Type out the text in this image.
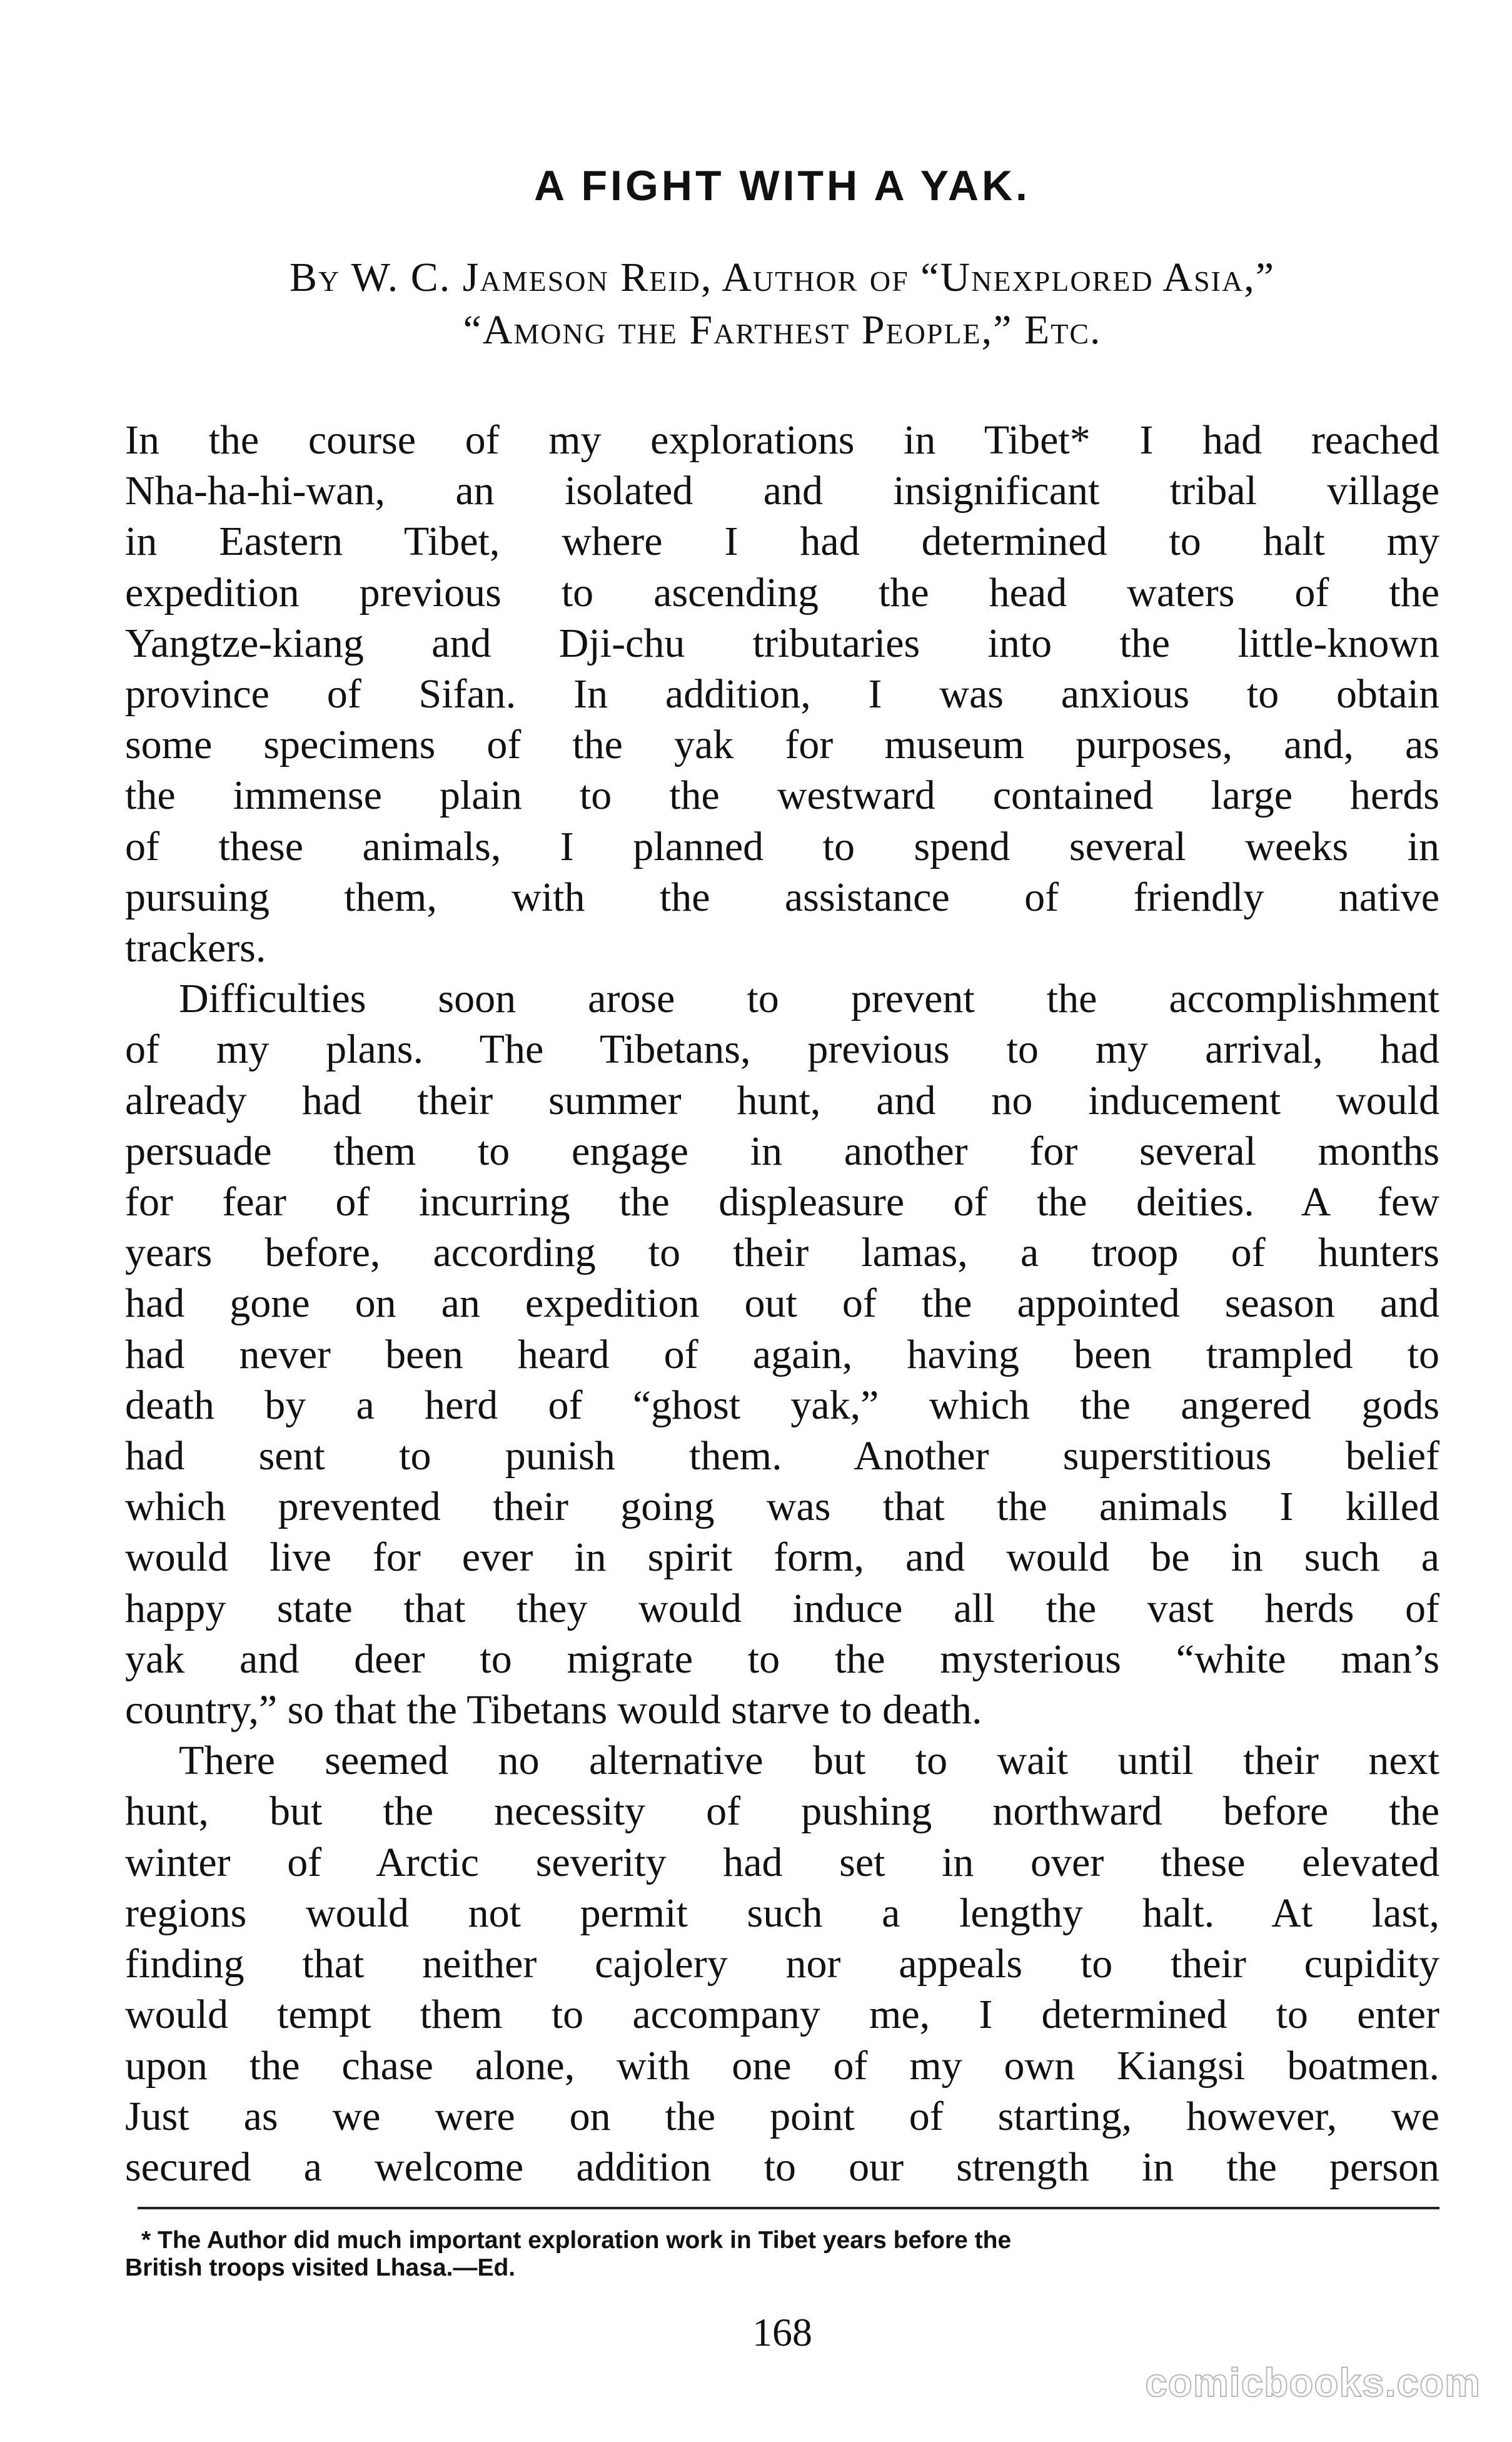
A FIGHT WITH A YAK.
By W. C. Jameson Reid, Author of “Unexplored Asia,”
“Among the Farthest People,” Etc.
In the course of my explorations in Tibet* I had reached
Nha-ha-hi-wan, an isolated and insignificant tribal village
in Eastern Tibet, where I had determined to halt my
expedition previous to ascending the head waters of the
Yangtze-kiang and Dji-chu tributaries into the little-known
province of Sifan. In addition, I was anxious to obtain
some specimens of the yak for museum purposes, and, as
the immense plain to the westward contained large herds
of these animals, I planned to spend several weeks in
pursuing them, with the assistance of friendly native
trackers.
Difficulties soon arose to prevent the accomplishment
of my plans. The Tibetans, previous to my arrival, had
already had their summer hunt, and no inducement would
persuade them to engage in another for several months
for fear of incurring the displeasure of the deities. A few
years before, according to their lamas, a troop of hunters
had gone on an expedition out of the appointed season and
had never been heard of again, having been trampled to
death by a herd of “ghost yak,” which the angered gods
had sent to punish them. Another superstitious belief
which prevented their going was that the animals I killed
would live for ever in spirit form, and would be in such a
happy state that they would induce all the vast herds of
yak and deer to migrate to the mysterious “white man’s
country,” so that the Tibetans would starve to death.
There seemed no alternative but to wait until their next
hunt, but the necessity of pushing northward before the
winter of Arctic severity had set in over these elevated
regions would not permit such a lengthy halt. At last,
finding that neither cajolery nor appeals to their cupidity
would tempt them to accompany me, I determined to enter
upon the chase alone, with one of my own Kiangsi boatmen.
Just as we were on the point of starting, however, we
secured a welcome addition to our strength in the person
* The Author did much important exploration work in Tibet years before the
British troops visited Lhasa.—Ed.
168
comicbooks.com
